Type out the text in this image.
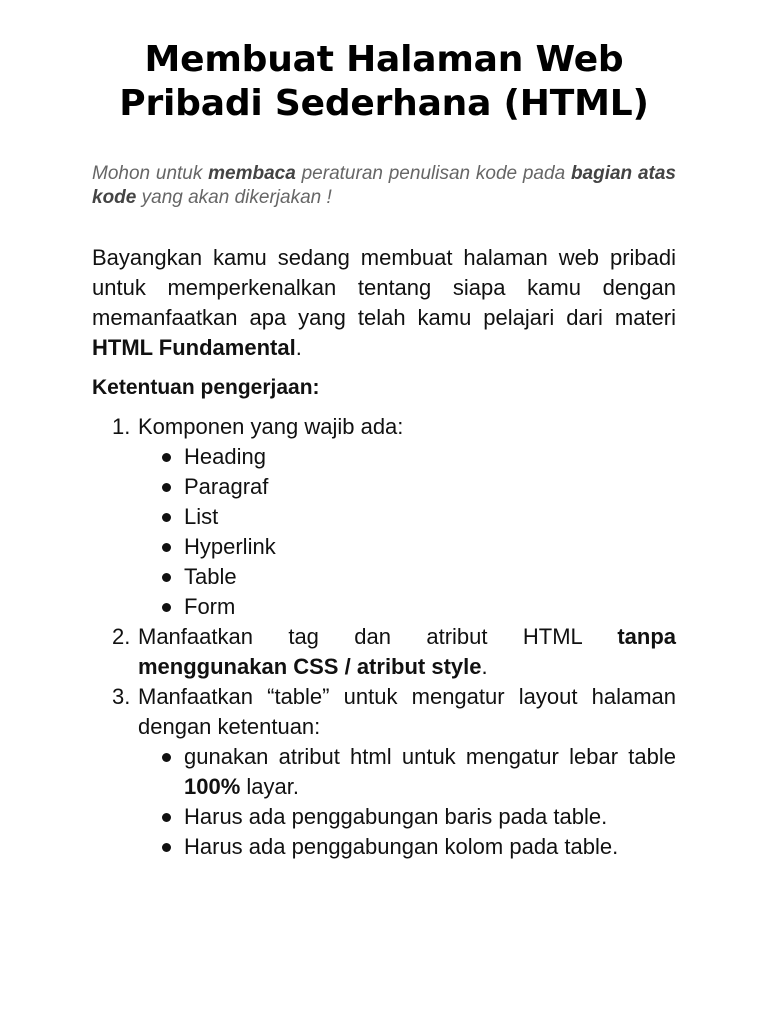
Membuat Halaman Web
Pribadi Sederhana (HTML)

Mohon untuk membaca peraturan penulisan kode pada bagian atas kode yang akan dikerjakan !

Bayangkan kamu sedang membuat halaman web pribadi untuk memperkenalkan tentang siapa kamu dengan memanfaatkan apa yang telah kamu pelajari dari materi HTML Fundamental.

Ketentuan pengerjaan:

1. Komponen yang wajib ada:
Heading
Paragraf
List
Hyperlink
Table
Form
2. Manfaatkan tag dan atribut HTML tanpa menggunakan CSS / atribut style.
3. Manfaatkan “table” untuk mengatur layout halaman dengan ketentuan:
gunakan atribut html untuk mengatur lebar table 100% layar.
Harus ada penggabungan baris pada table.
Harus ada penggabungan kolom pada table.
